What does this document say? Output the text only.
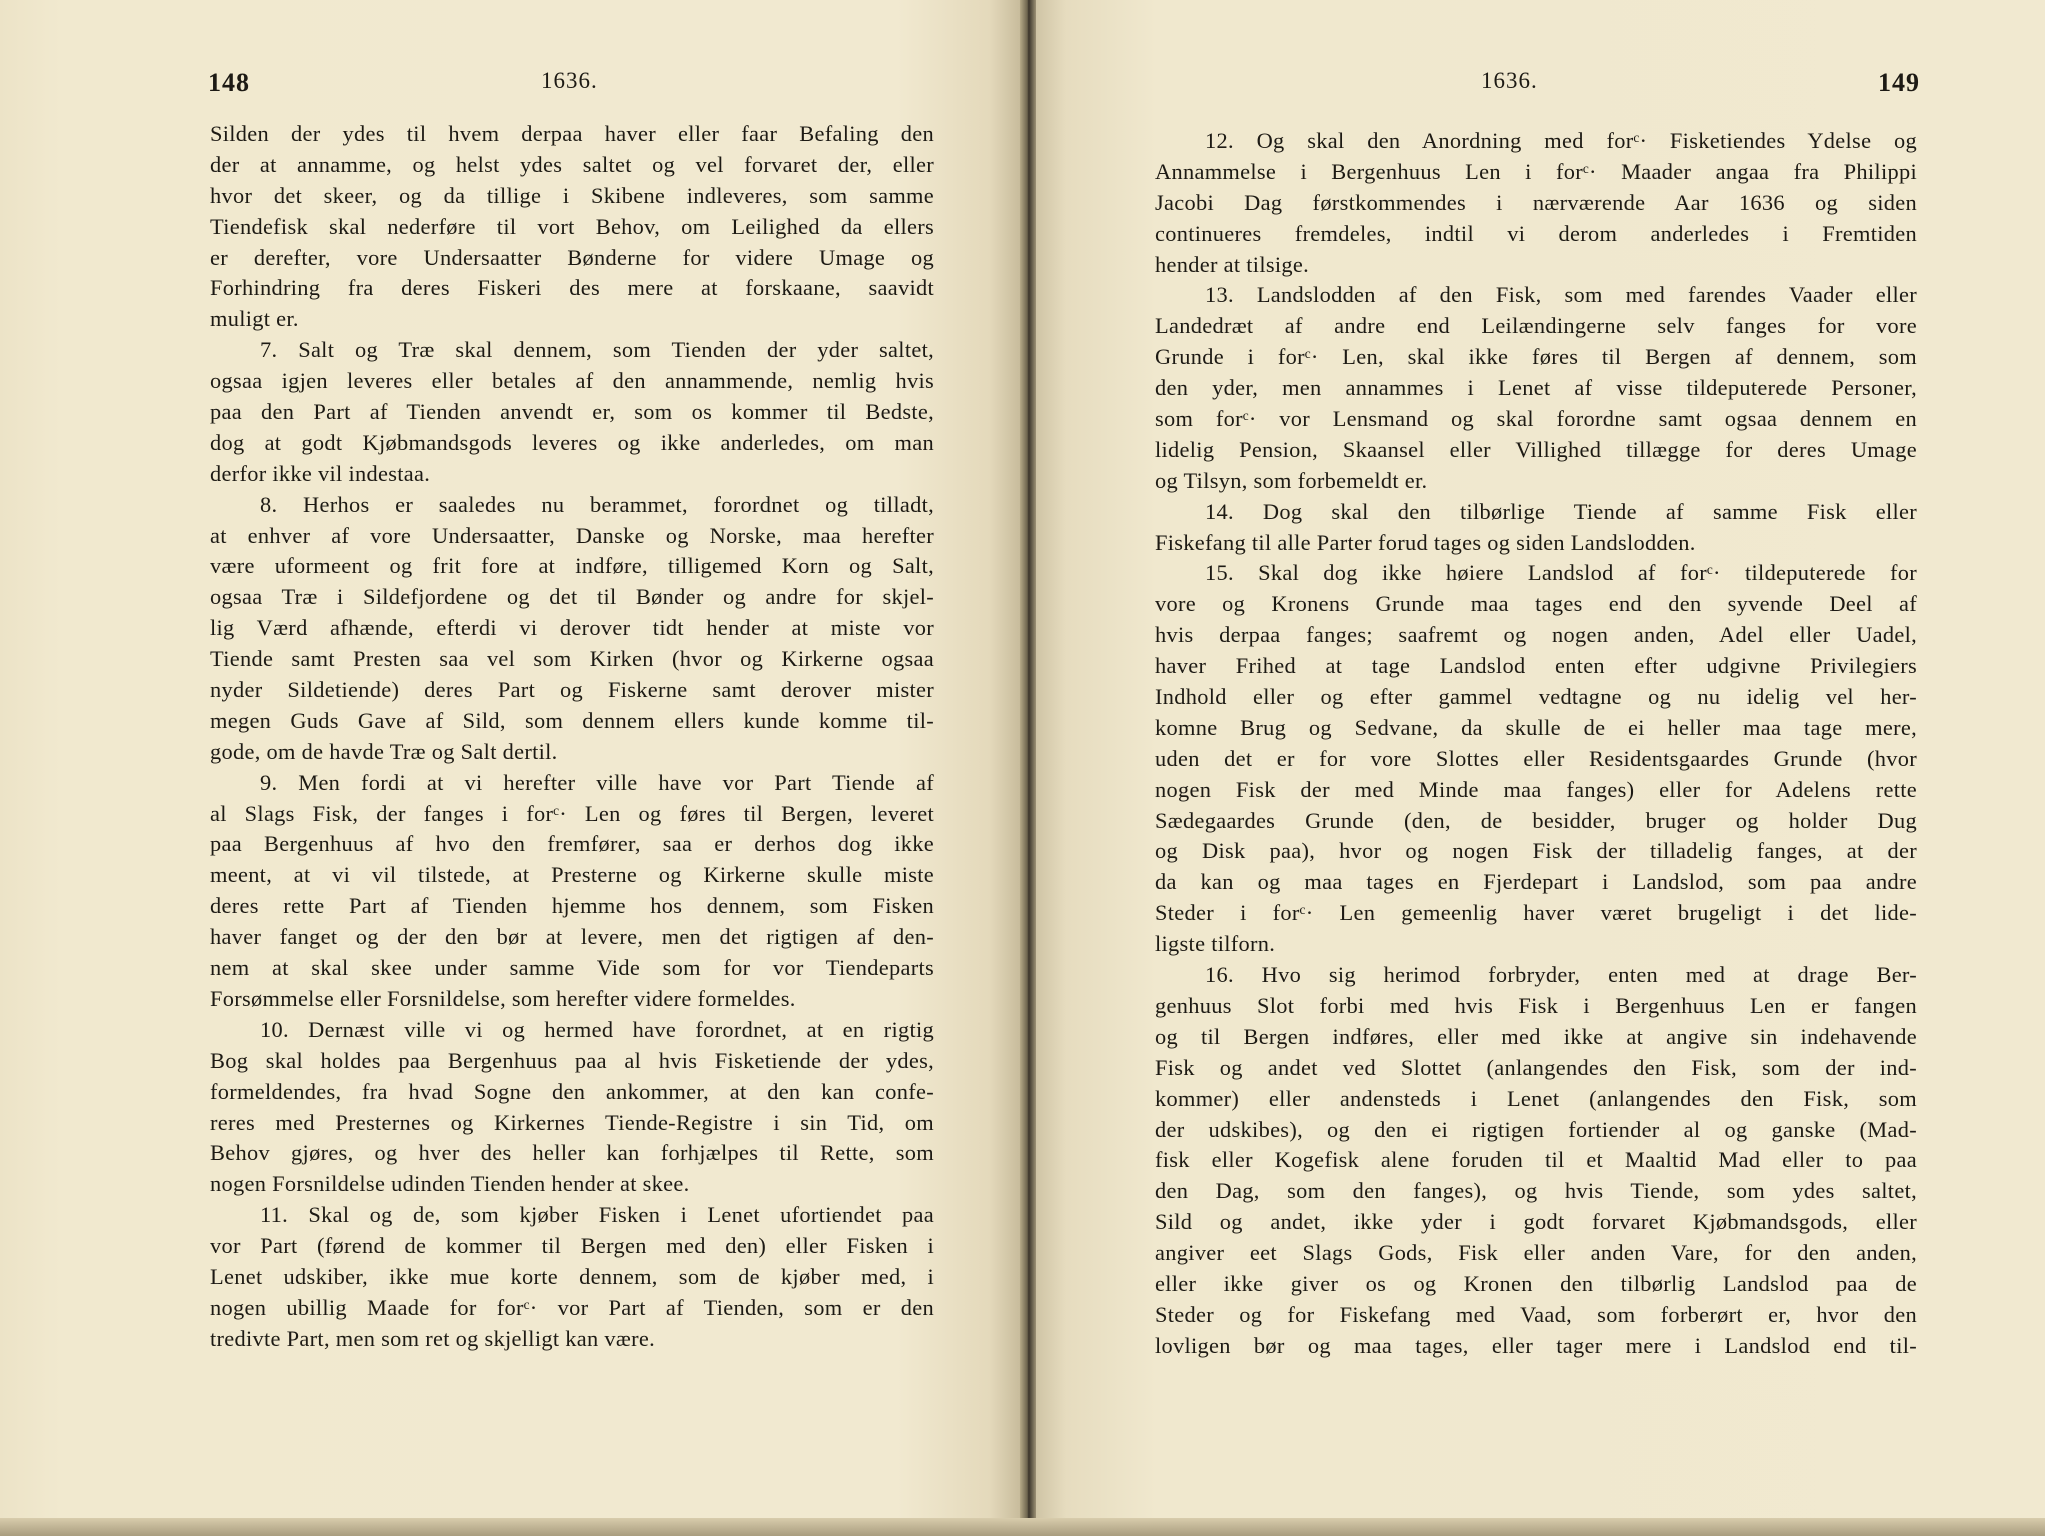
148	1636.
Silden der ydes til hvem derpaa haver eller faar Befaling den
der at annamme, og helst ydes saltet og vel forvaret der, eller
hvor det skeer, og da tillige i Skibene indleveres, som samme
Tiendefisk skal nederføre til vort Behov, om Leilighed da ellers
er derefter, vore Undersaatter Bønderne for videre Umage og
Forhindring fra deres Fiskeri des mere at forskaane, saavidt
muligt er.
7. Salt og Træ skal dennem, som Tienden der yder saltet,
ogsaa igjen leveres eller betales af den annammende, nemlig hvis
paa den Part af Tienden anvendt er, som os kommer til Bedste,
dog at godt Kjøbmandsgods leveres og ikke anderledes, om man
derfor ikke vil indestaa.
8. Herhos er saaledes nu berammet, forordnet og tilladt,
at enhver af vore Undersaatter, Danske og Norske, maa herefter
være uformeent og frit fore at indføre, tilligemed Korn og Salt,
ogsaa Træ i Sildefjordene og det til Bønder og andre for skjel-
lig Værd afhænde, efterdi vi derover tidt hender at miste vor
Tiende samt Presten saa vel som Kirken (hvor og Kirkerne ogsaa
nyder Sildetiende) deres Part og Fiskerne samt derover mister
megen Guds Gave af Sild, som dennem ellers kunde komme til-
gode, om de havde Træ og Salt dertil.
9. Men fordi at vi herefter ville have vor Part Tiende af
al Slags Fisk, der fanges i forᶜ· Len og føres til Bergen, leveret
paa Bergenhuus af hvo den fremfører, saa er derhos dog ikke
meent, at vi vil tilstede, at Presterne og Kirkerne skulle miste
deres rette Part af Tienden hjemme hos dennem, som Fisken
haver fanget og der den bør at levere, men det rigtigen af den-
nem at skal skee under samme Vide som for vor Tiendeparts
Forsømmelse eller Forsnildelse, som herefter videre formeldes.
10. Dernæst ville vi og hermed have forordnet, at en rigtig
Bog skal holdes paa Bergenhuus paa al hvis Fisketiende der ydes,
formeldendes, fra hvad Sogne den ankommer, at den kan confe-
reres med Presternes og Kirkernes Tiende-Registre i sin Tid, om
Behov gjøres, og hver des heller kan forhjælpes til Rette, som
nogen Forsnildelse udinden Tienden hender at skee.
11. Skal og de, som kjøber Fisken i Lenet ufortiendet paa
vor Part (førend de kommer til Bergen med den) eller Fisken i
Lenet udskiber, ikke mue korte dennem, som de kjøber med, i
nogen ubillig Maade for forᶜ· vor Part af Tienden, som er den
tredivte Part, men som ret og skjelligt kan være.
1636.	149
12. Og skal den Anordning med forᶜ· Fisketiendes Ydelse og
Annammelse i Bergenhuus Len i forᶜ· Maader angaa fra Philippi
Jacobi Dag førstkommendes i nærværende Aar 1636 og siden
continueres fremdeles, indtil vi derom anderledes i Fremtiden
hender at tilsige.
13. Landslodden af den Fisk, som med farendes Vaader eller
Landedræt af andre end Leilændingerne selv fanges for vore
Grunde i forᶜ· Len, skal ikke føres til Bergen af dennem, som
den yder, men annammes i Lenet af visse tildeputerede Personer,
som forᶜ· vor Lensmand og skal forordne samt ogsaa dennem en
lidelig Pension, Skaansel eller Villighed tillægge for deres Umage
og Tilsyn, som forbemeldt er.
14. Dog skal den tilbørlige Tiende af samme Fisk eller
Fiskefang til alle Parter forud tages og siden Landslodden.
15. Skal dog ikke høiere Landslod af forᶜ· tildeputerede for
vore og Kronens Grunde maa tages end den syvende Deel af
hvis derpaa fanges; saafremt og nogen anden, Adel eller Uadel,
haver Frihed at tage Landslod enten efter udgivne Privilegiers
Indhold eller og efter gammel vedtagne og nu idelig vel her-
komne Brug og Sedvane, da skulle de ei heller maa tage mere,
uden det er for vore Slottes eller Residentsgaardes Grunde (hvor
nogen Fisk der med Minde maa fanges) eller for Adelens rette
Sædegaardes Grunde (den, de besidder, bruger og holder Dug
og Disk paa), hvor og nogen Fisk der tilladelig fanges, at der
da kan og maa tages en Fjerdepart i Landslod, som paa andre
Steder i forᶜ· Len gemeenlig haver været brugeligt i det lide-
ligste tilforn.
16. Hvo sig herimod forbryder, enten med at drage Ber-
genhuus Slot forbi med hvis Fisk i Bergenhuus Len er fangen
og til Bergen indføres, eller med ikke at angive sin indehavende
Fisk og andet ved Slottet (anlangendes den Fisk, som der ind-
kommer) eller andensteds i Lenet (anlangendes den Fisk, som
der udskibes), og den ei rigtigen fortiender al og ganske (Mad-
fisk eller Kogefisk alene foruden til et Maaltid Mad eller to paa
den Dag, som den fanges), og hvis Tiende, som ydes saltet,
Sild og andet, ikke yder i godt forvaret Kjøbmandsgods, eller
angiver eet Slags Gods, Fisk eller anden Vare, for den anden,
eller ikke giver os og Kronen den tilbørlig Landslod paa de
Steder og for Fiskefang med Vaad, som forberørt er, hvor den
lovligen bør og maa tages, eller tager mere i Landslod end til-
